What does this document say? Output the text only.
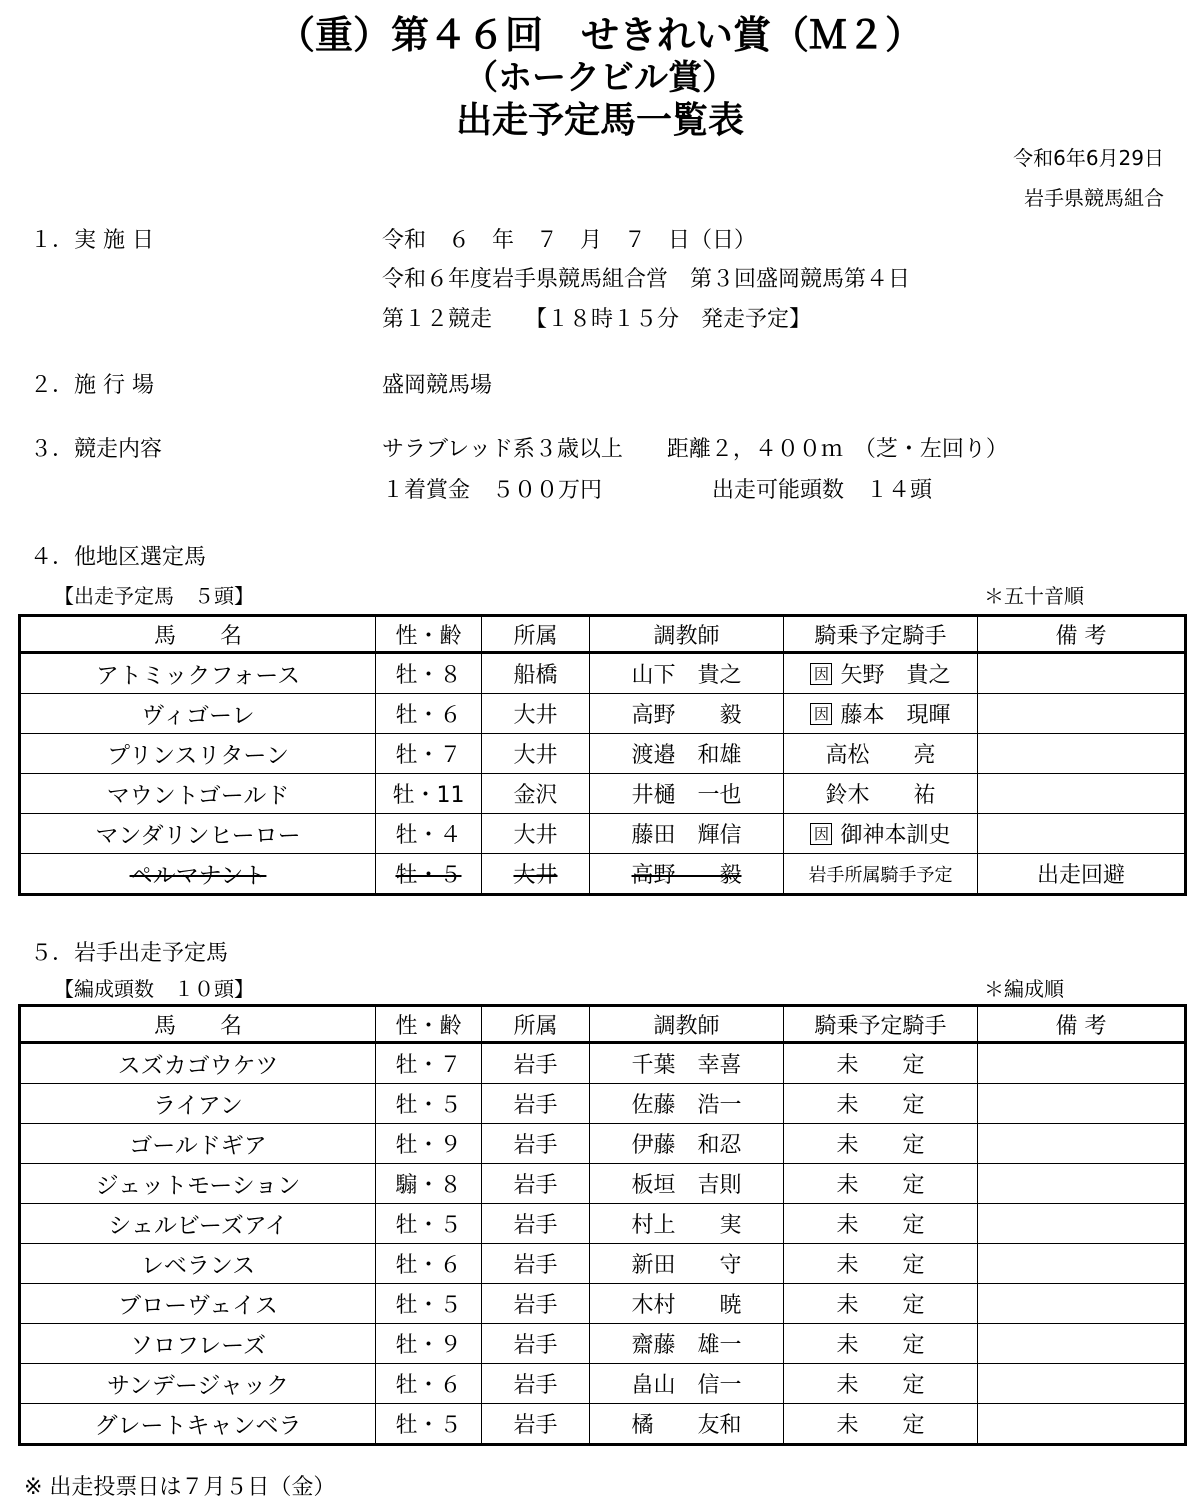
（重）第４６回　せきれい賞（Ｍ２）
（ホークビル賞）
出走予定馬一覧表
令和6年6月29日
岩手県競馬組合
１．実 施 日	令和　６　年　７　月　７　日（日）
令和６年度岩手県競馬組合営　第３回盛岡競馬第４日
第１２競走　　【１８時１５分　発走予定】
２．施 行 場	盛岡競馬場
３．競走内容	サラブレッド系３歳以上　　距離２，４００ｍ　（芝・左回り）
１着賞金　５００万円　　　　　出走可能頭数　１４頭
４．他地区選定馬
【出走予定馬　５頭】	＊五十音順
馬　　名	性・齢	所属	調教師	騎乗予定騎手	備 考
アトミックフォース	牡・８	船橋	山下　貴之	因 矢野　貴之	
ヴィゴーレ	牡・６	大井	高野　　毅	因 藤本　現暉	
プリンスリターン	牡・７	大井	渡邉　和雄	高松　　亮	
マウントゴールド	牡・11	金沢	井樋　一也	鈴木　　祐	
マンダリンヒーロー	牡・４	大井	藤田　輝信	因 御神本訓史	
ペルマナント	牡・５	大井	高野　　毅	岩手所属騎手予定	出走回避
５．岩手出走予定馬
【編成頭数　１０頭】	＊編成順
馬　　名	性・齢	所属	調教師	騎乗予定騎手	備 考
スズカゴウケツ	牡・７	岩手	千葉　幸喜	未　　定	
ライアン	牡・５	岩手	佐藤　浩一	未　　定	
ゴールドギア	牡・９	岩手	伊藤　和忍	未　　定	
ジェットモーション	騸・８	岩手	板垣　吉則	未　　定	
シェルビーズアイ	牡・５	岩手	村上　　実	未　　定	
レベランス	牡・６	岩手	新田　　守	未　　定	
ブローヴェイス	牡・５	岩手	木村　　暁	未　　定	
ソロフレーズ	牡・９	岩手	齋藤　雄一	未　　定	
サンデージャック	牡・６	岩手	畠山　信一	未　　定	
グレートキャンベラ	牡・５	岩手	橘　　友和	未　　定	
※ 出走投票日は７月５日（金）
